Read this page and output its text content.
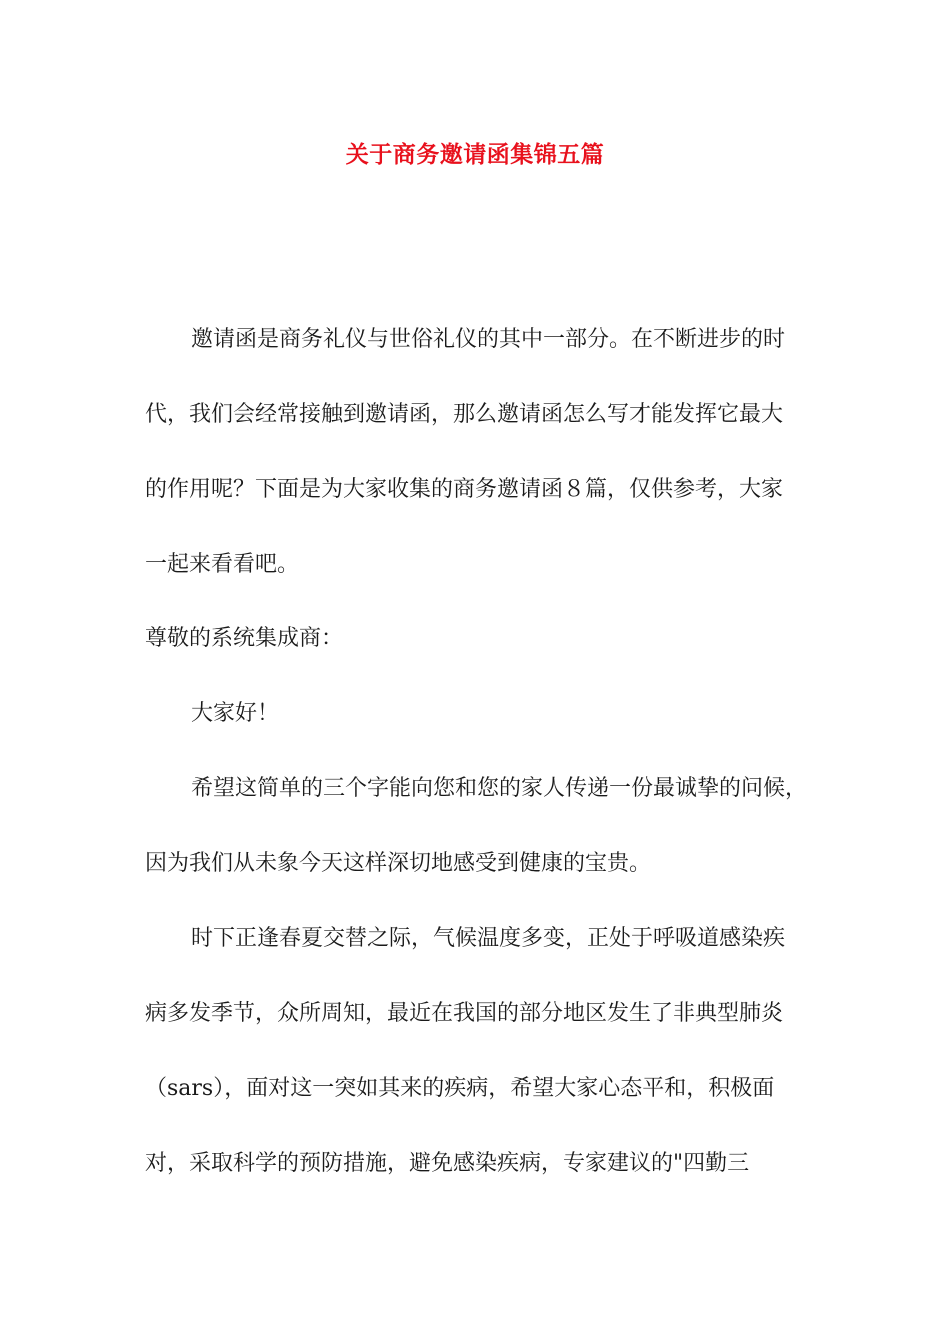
关于商务邀请函集锦五篇

邀请函是商务礼仪与世俗礼仪的其中一部分。在不断进步的时

代，我们会经常接触到邀请函，那么邀请函怎么写才能发挥它最大

的作用呢？下面是为大家收集的商务邀请函８篇，仅供参考，大家

一起来看看吧。

尊敬的系统集成商：

大家好！

希望这简单的三个字能向您和您的家人传递一份最诚挚的问候，

因为我们从未象今天这样深切地感受到健康的宝贵。

时下正逢春夏交替之际，气候温度多变，正处于呼吸道感染疾

病多发季节，众所周知，最近在我国的部分地区发生了非典型肺炎

（sars），面对这一突如其来的疾病，希望大家心态平和，积极面

对，采取科学的预防措施，避免感染疾病，专家建议的"四勤三
